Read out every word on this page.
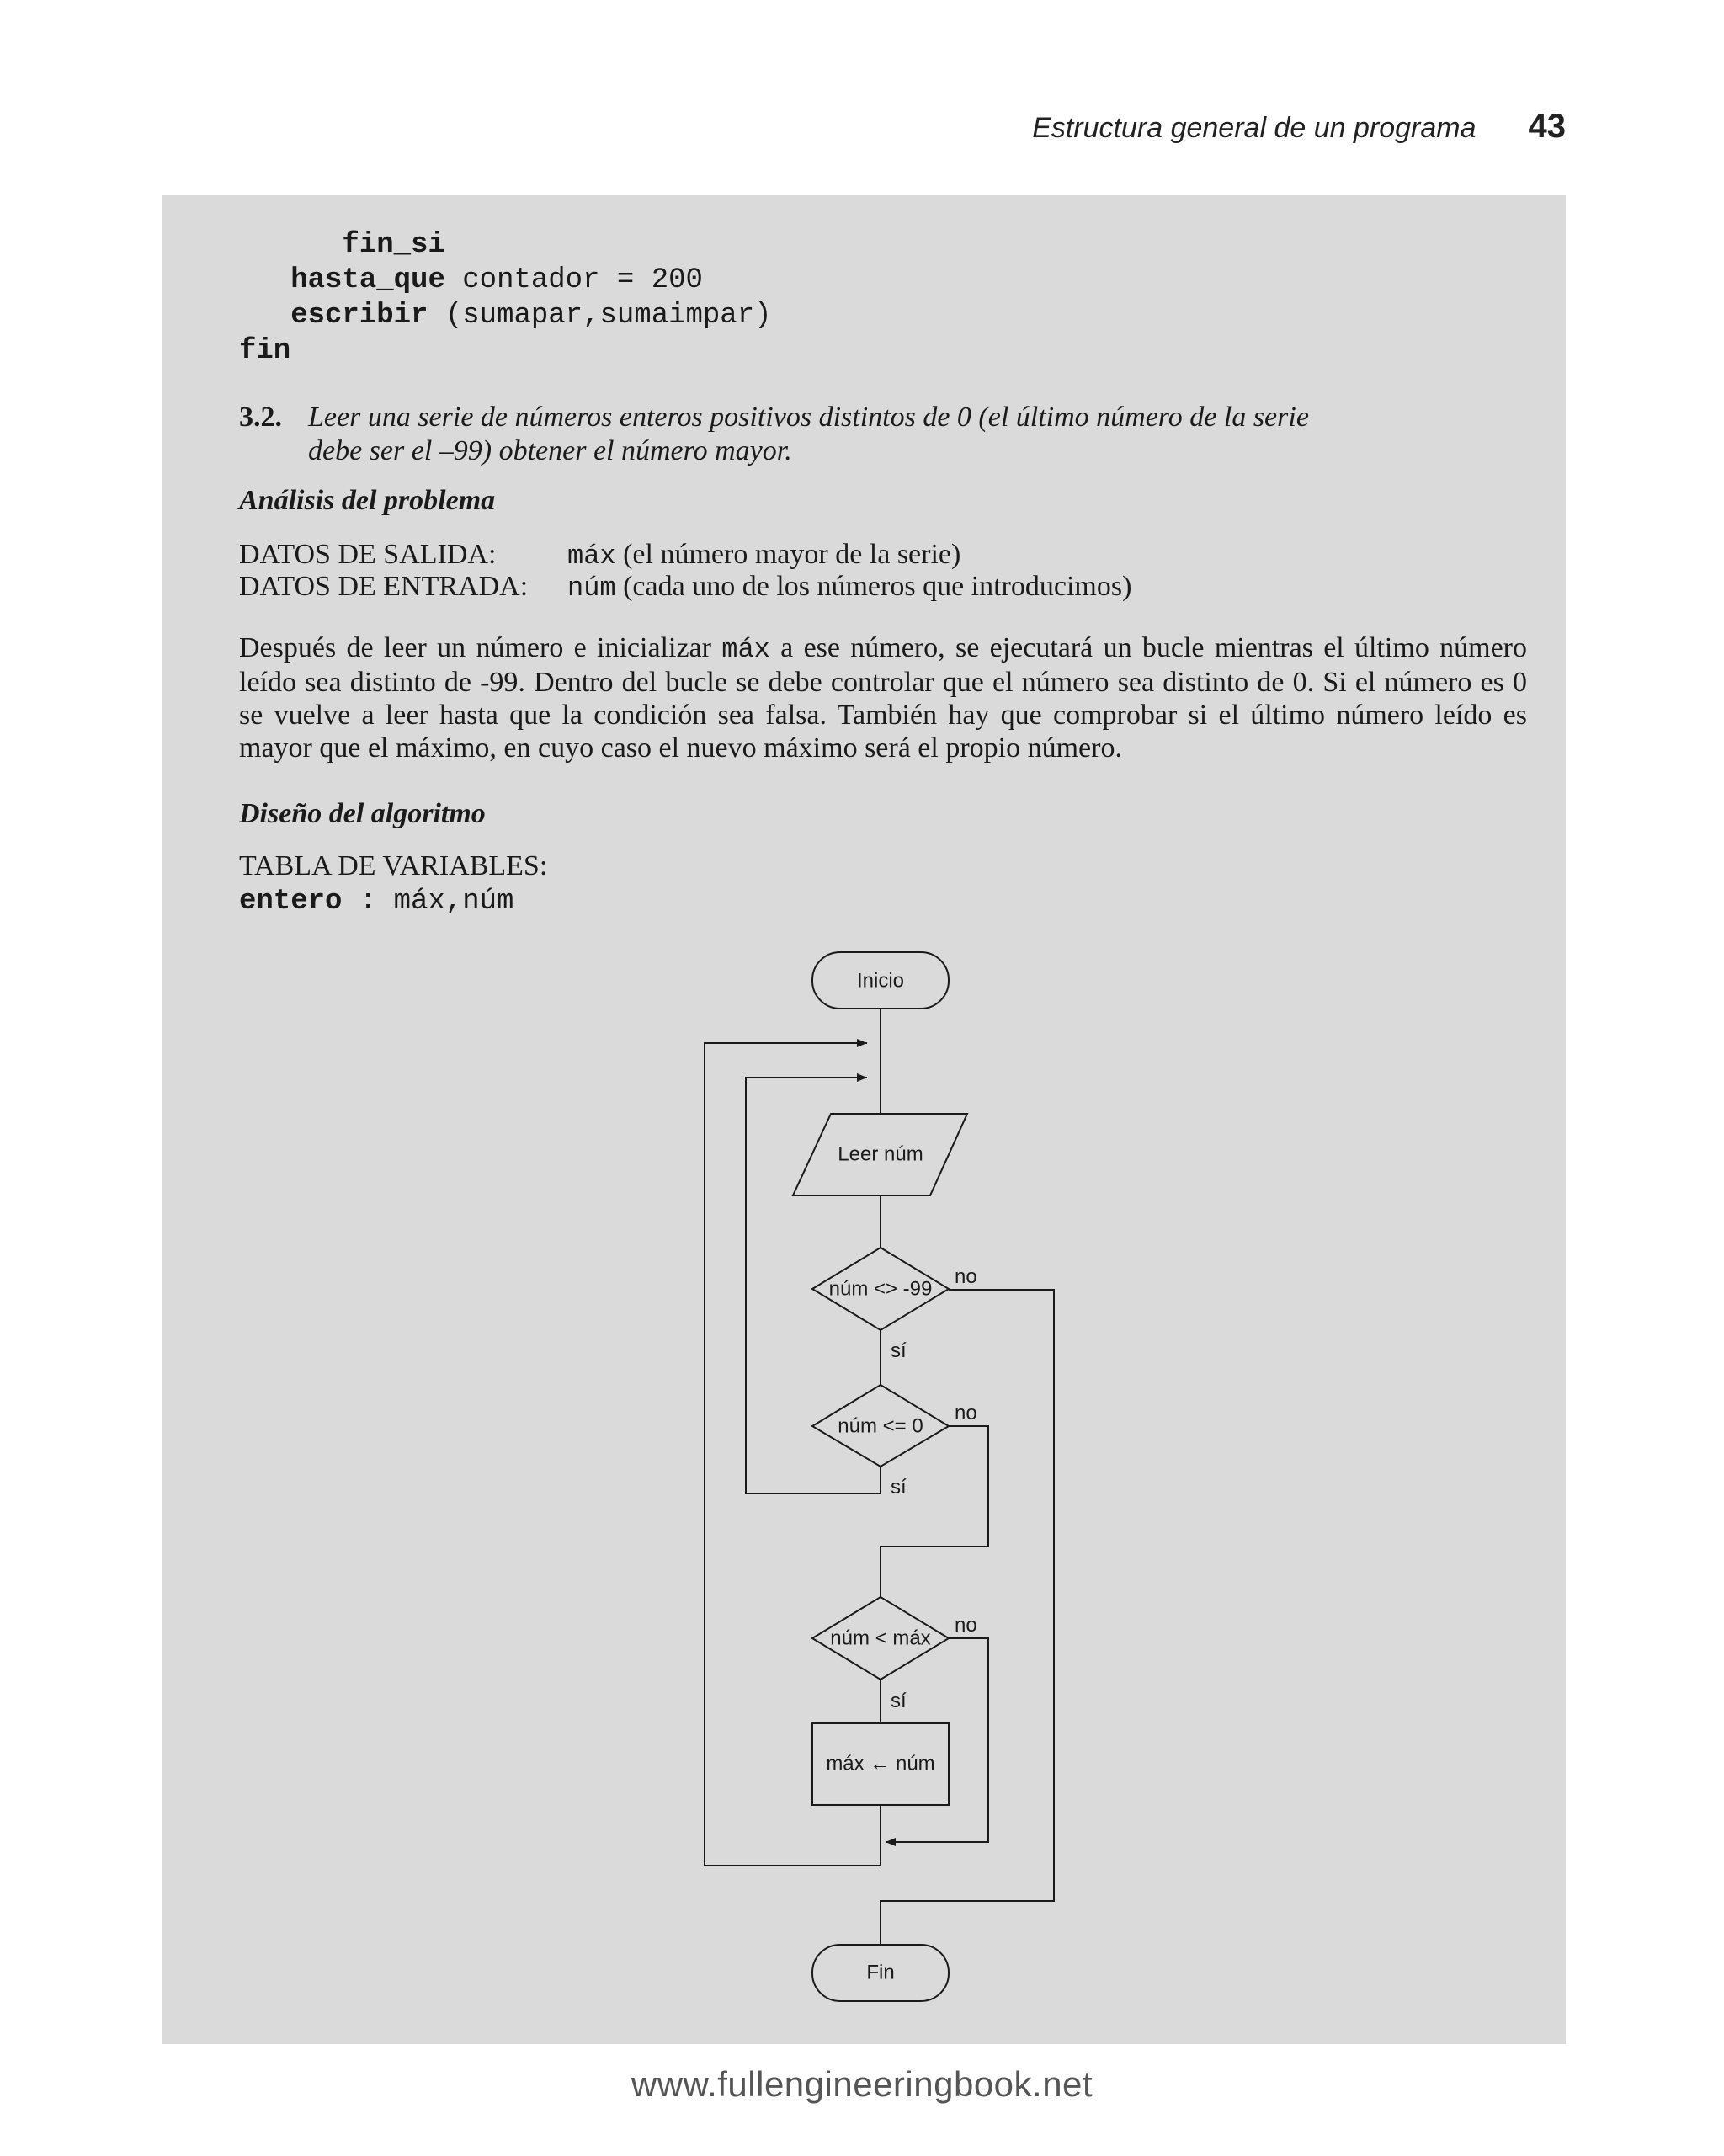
Estructura general de un programa 43
fin_si
hasta_que contador = 200
escribir (sumapar,sumaimpar)
fin
3.2. Leer una serie de números enteros positivos distintos de 0 (el último número de la serie
debe ser el –99) obtener el número mayor.
Análisis del problema
DATOS DE SALIDA:	máx (el número mayor de la serie)
DATOS DE ENTRADA:	núm (cada uno de los números que introducimos)
Después de leer un número e inicializar máx a ese número, se ejecutará un bucle mientras el último número leído sea distinto de -99. Dentro del bucle se debe controlar que el número sea distinto de 0. Si el número es 0 se vuelve a leer hasta que la condición sea falsa. También hay que comprobar si el último número leído es mayor que el máximo, en cuyo caso el nuevo máximo será el propio número.
Diseño del algoritmo
TABLA DE VARIABLES:
entero : máx,núm
Inicio
Leer núm
núm <> -99
núm <= 0
núm < máx
máx ← núm
Fin
no
sí
no
sí
no
sí
www.fullengineeringbook.net
